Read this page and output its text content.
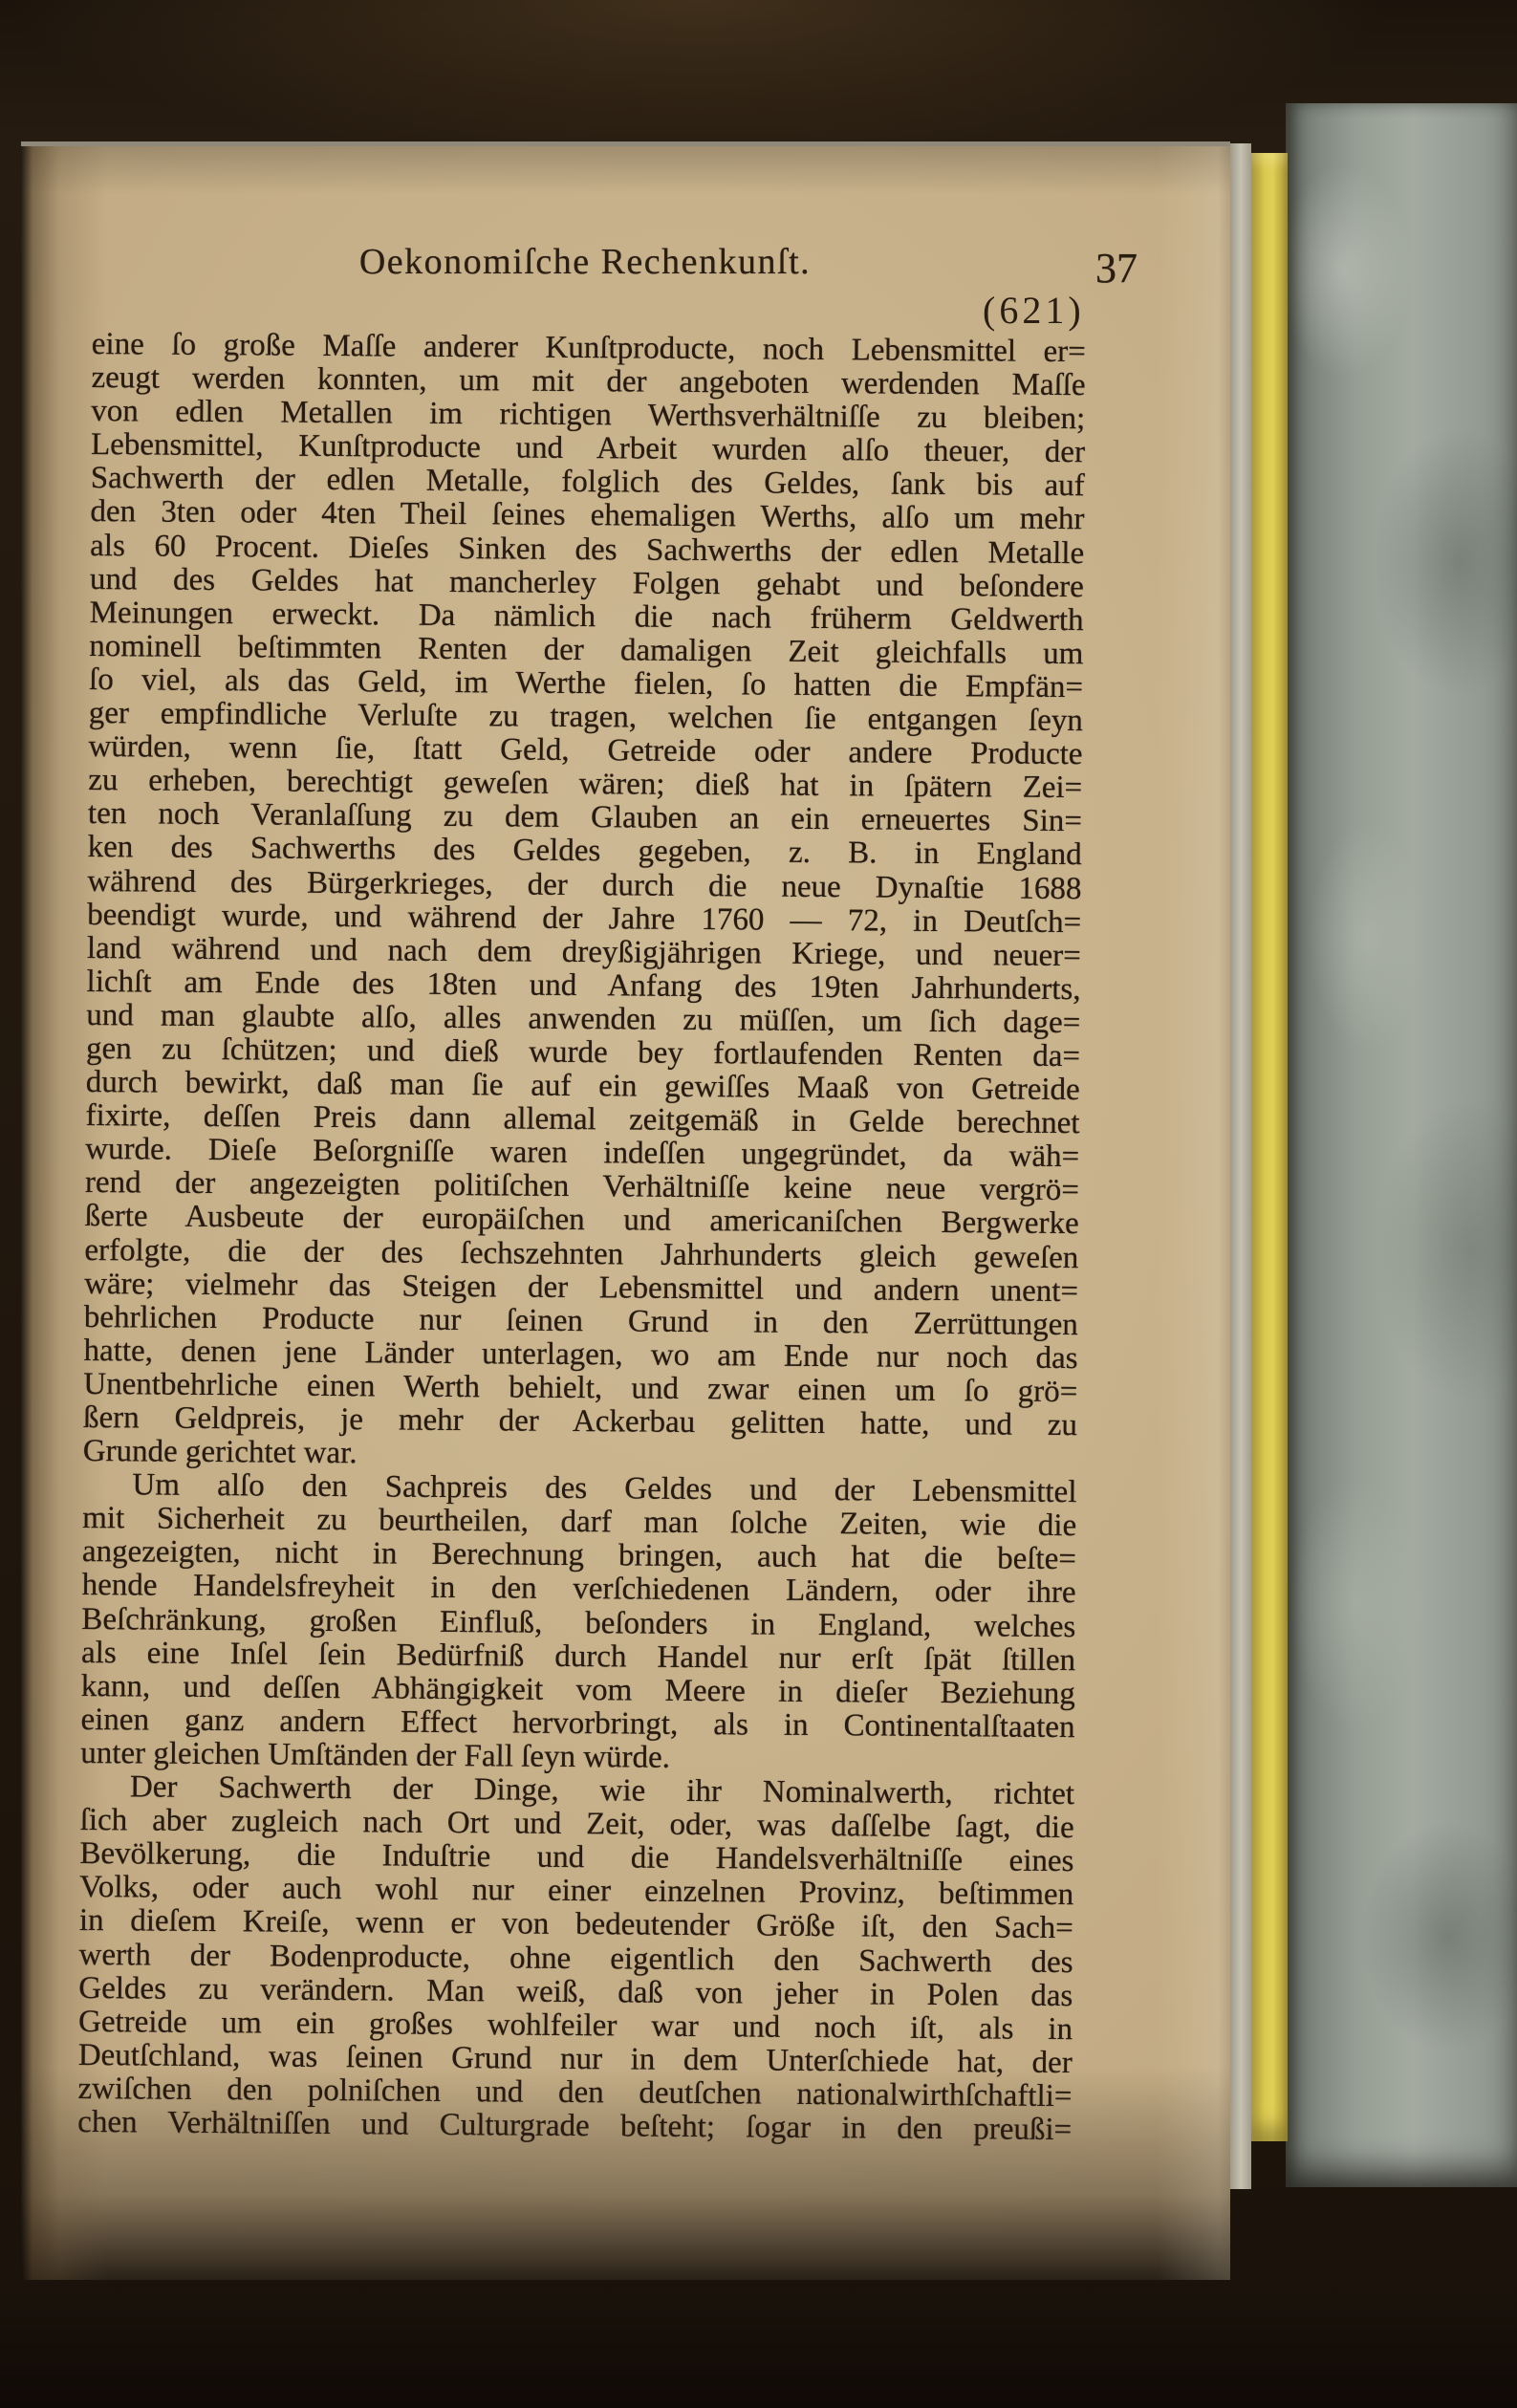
Oekonomiſche Rechenkunſt.	37
(621)
eine ſo große Maſſe anderer Kunſtproducte, noch Lebensmittel er=
zeugt werden konnten, um mit der angeboten werdenden Maſſe
von edlen Metallen im richtigen Werthsverhältniſſe zu bleiben;
Lebensmittel, Kunſtproducte und Arbeit wurden alſo theuer, der
Sachwerth der edlen Metalle, folglich des Geldes, ſank bis auf
den 3ten oder 4ten Theil ſeines ehemaligen Werths, alſo um mehr
als 60 Procent. Dieſes Sinken des Sachwerths der edlen Metalle
und des Geldes hat mancherley Folgen gehabt und beſondere
Meinungen erweckt. Da nämlich die nach früherm Geldwerth
nominell beſtimmten Renten der damaligen Zeit gleichfalls um
ſo viel, als das Geld, im Werthe fielen, ſo hatten die Empfän=
ger empfindliche Verluſte zu tragen, welchen ſie entgangen ſeyn
würden, wenn ſie, ſtatt Geld, Getreide oder andere Producte
zu erheben, berechtigt geweſen wären; dieß hat in ſpätern Zei=
ten noch Veranlaſſung zu dem Glauben an ein erneuertes Sin=
ken des Sachwerths des Geldes gegeben, z. B. in England
während des Bürgerkrieges, der durch die neue Dynaſtie 1688
beendigt wurde, und während der Jahre 1760 — 72, in Deutſch=
land während und nach dem dreyßigjährigen Kriege, und neuer=
lichſt am Ende des 18ten und Anfang des 19ten Jahrhunderts,
und man glaubte alſo, alles anwenden zu müſſen, um ſich dage=
gen zu ſchützen; und dieß wurde bey fortlaufenden Renten da=
durch bewirkt, daß man ſie auf ein gewiſſes Maaß von Getreide
fixirte, deſſen Preis dann allemal zeitgemäß in Gelde berechnet
wurde. Dieſe Beſorgniſſe waren indeſſen ungegründet, da wäh=
rend der angezeigten politiſchen Verhältniſſe keine neue vergrö=
ßerte Ausbeute der europäiſchen und americaniſchen Bergwerke
erfolgte, die der des ſechszehnten Jahrhunderts gleich geweſen
wäre; vielmehr das Steigen der Lebensmittel und andern unent=
behrlichen Producte nur ſeinen Grund in den Zerrüttungen
hatte, denen jene Länder unterlagen, wo am Ende nur noch das
Unentbehrliche einen Werth behielt, und zwar einen um ſo grö=
ßern Geldpreis, je mehr der Ackerbau gelitten hatte, und zu
Grunde gerichtet war.
Um alſo den Sachpreis des Geldes und der Lebensmittel
mit Sicherheit zu beurtheilen, darf man ſolche Zeiten, wie die
angezeigten, nicht in Berechnung bringen, auch hat die beſte=
hende Handelsfreyheit in den verſchiedenen Ländern, oder ihre
Beſchränkung, großen Einfluß, beſonders in England, welches
als eine Inſel ſein Bedürfniß durch Handel nur erſt ſpät ſtillen
kann, und deſſen Abhängigkeit vom Meere in dieſer Beziehung
einen ganz andern Effect hervorbringt, als in Continentalſtaaten
unter gleichen Umſtänden der Fall ſeyn würde.
Der Sachwerth der Dinge, wie ihr Nominalwerth, richtet
ſich aber zugleich nach Ort und Zeit, oder, was daſſelbe ſagt, die
Bevölkerung, die Induſtrie und die Handelsverhältniſſe eines
Volks, oder auch wohl nur einer einzelnen Provinz, beſtimmen
in dieſem Kreiſe, wenn er von bedeutender Größe iſt, den Sach=
werth der Bodenproducte, ohne eigentlich den Sachwerth des
Geldes zu verändern. Man weiß, daß von jeher in Polen das
Getreide um ein großes wohlfeiler war und noch iſt, als in
Deutſchland, was ſeinen Grund nur in dem Unterſchiede hat, der
zwiſchen den polniſchen und den deutſchen nationalwirthſchaftli=
chen Verhältniſſen und Culturgrade beſteht; ſogar in den preußi=
